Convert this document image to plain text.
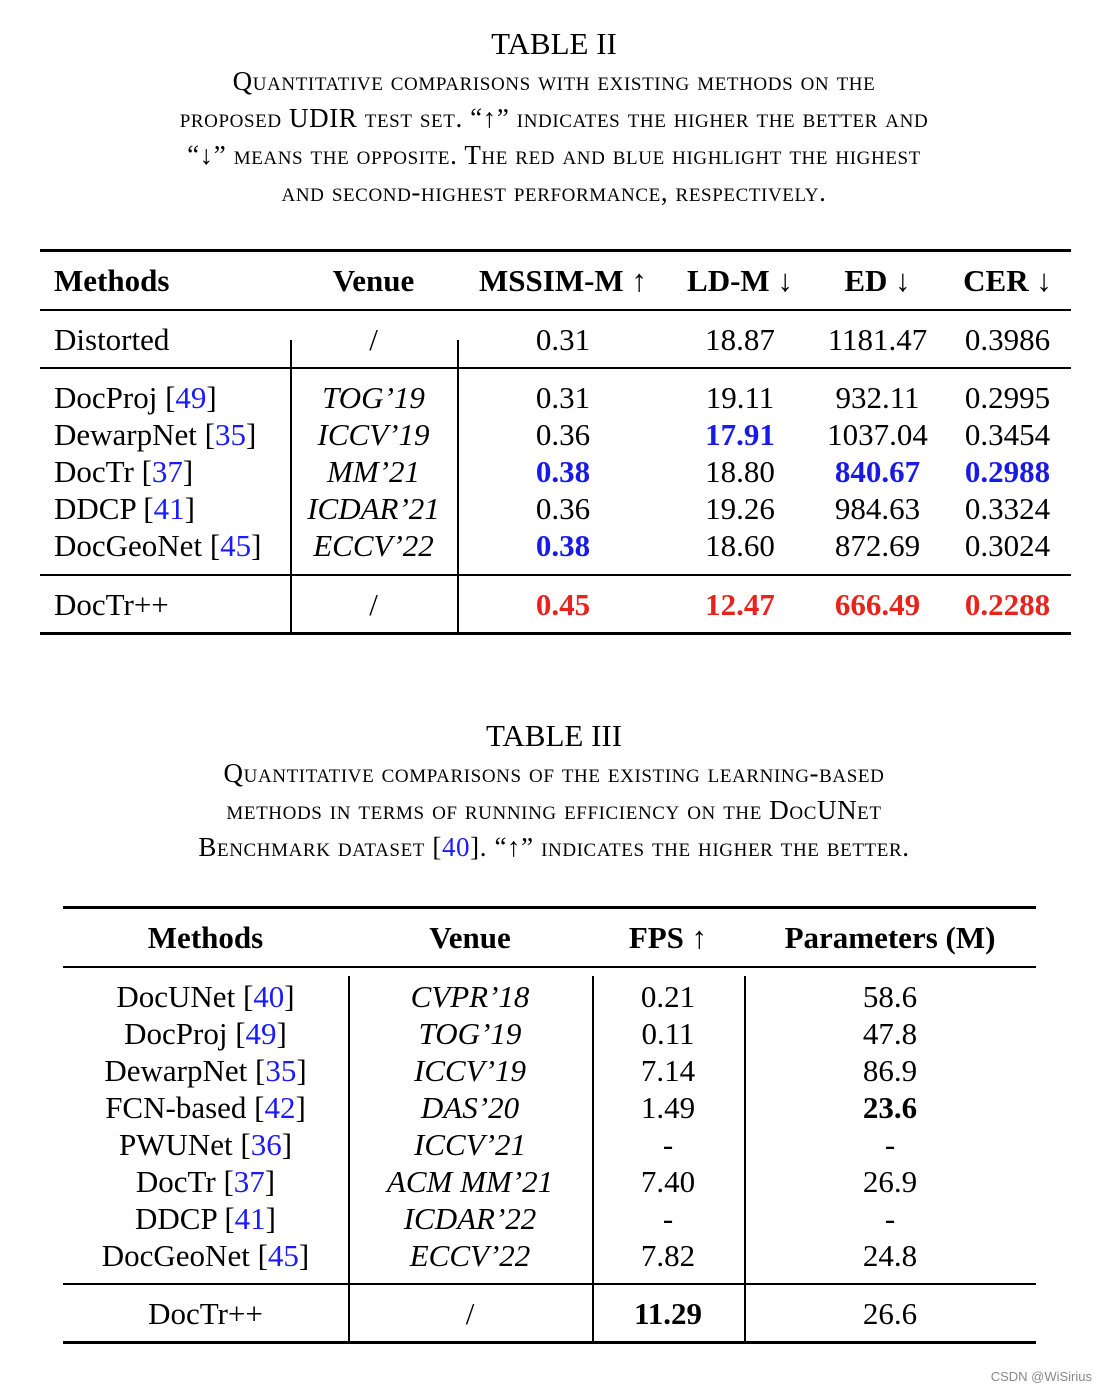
TABLE II
Quantitative comparisons with existing methods on the
proposed UDIR test set. “↑” indicates the higher the better and
“↓” means the opposite. The red and blue highlight the highest
and second-highest performance, respectively.
Methods	Venue	MSSIM-M ↑	LD-M ↓	ED ↓	CER ↓
Distorted	/	0.31	18.87	1181.47	0.3986
DocProj [49]	TOG’19	0.31	19.11	932.11	0.2995
DewarpNet [35]	ICCV’19	0.36	17.91	1037.04	0.3454
DocTr [37]	MM’21	0.38	18.80	840.67	0.2988
DDCP [41]	ICDAR’21	0.36	19.26	984.63	0.3324
DocGeoNet [45]	ECCV’22	0.38	18.60	872.69	0.3024
DocTr++	/	0.45	12.47	666.49	0.2288
TABLE III
Quantitative comparisons of the existing learning-based
methods in terms of running efficiency on the DocUNet
Benchmark dataset [40]. “↑” indicates the higher the better.
Methods	Venue	FPS ↑	Parameters (M)
DocUNet [40]	CVPR’18	0.21	58.6
DocProj [49]	TOG’19	0.11	47.8
DewarpNet [35]	ICCV’19	7.14	86.9
FCN-based [42]	DAS’20	1.49	23.6
PWUNet [36]	ICCV’21	-	-
DocTr [37]	ACM MM’21	7.40	26.9
DDCP [41]	ICDAR’22	-	-
DocGeoNet [45]	ECCV’22	7.82	24.8
DocTr++	/	11.29	26.6
CSDN @WiSirius
